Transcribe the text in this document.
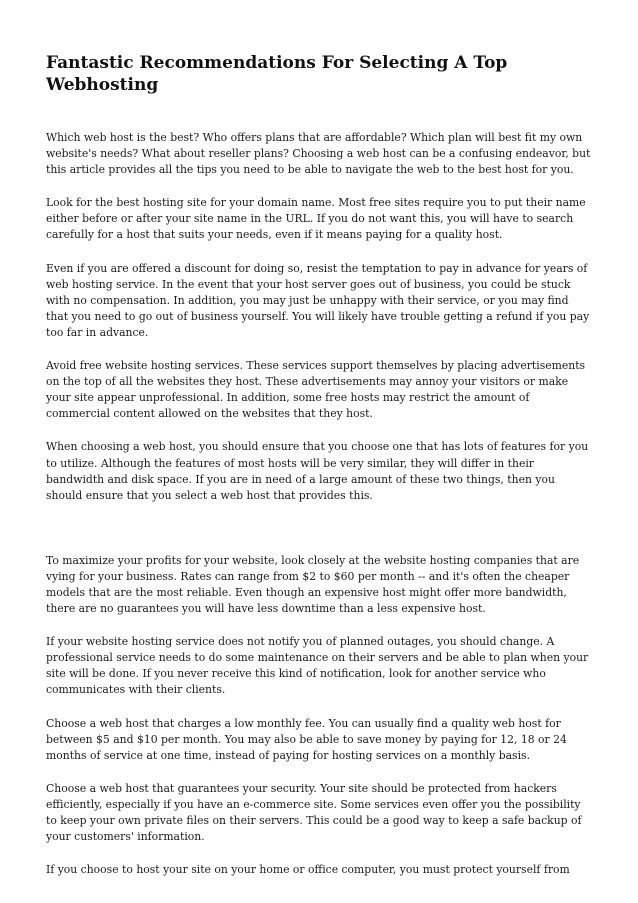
Fantastic Recommendations For Selecting A Top Webhosting

Which web host is the best? Who offers plans that are affordable? Which plan will best fit my own website's needs? What about reseller plans? Choosing a web host can be a confusing endeavor, but this article provides all the tips you need to be able to navigate the web to the best host for you.

Look for the best hosting site for your domain name. Most free sites require you to put their name either before or after your site name in the URL. If you do not want this, you will have to search carefully for a host that suits your needs, even if it means paying for a quality host.

Even if you are offered a discount for doing so, resist the temptation to pay in advance for years of web hosting service. In the event that your host server goes out of business, you could be stuck with no compensation. In addition, you may just be unhappy with their service, or you may find that you need to go out of business yourself. You will likely have trouble getting a refund if you pay too far in advance.

Avoid free website hosting services. These services support themselves by placing advertisements on the top of all the websites they host. These advertisements may annoy your visitors or make your site appear unprofessional. In addition, some free hosts may restrict the amount of commercial content allowed on the websites that they host.

When choosing a web host, you should ensure that you choose one that has lots of features for you to utilize. Although the features of most hosts will be very similar, they will differ in their bandwidth and disk space. If you are in need of a large amount of these two things, then you should ensure that you select a web host that provides this.

To maximize your profits for your website, look closely at the website hosting companies that are vying for your business. Rates can range from $2 to $60 per month -- and it's often the cheaper models that are the most reliable. Even though an expensive host might offer more bandwidth, there are no guarantees you will have less downtime than a less expensive host.

If your website hosting service does not notify you of planned outages, you should change. A professional service needs to do some maintenance on their servers and be able to plan when your site will be done. If you never receive this kind of notification, look for another service who communicates with their clients.

Choose a web host that charges a low monthly fee. You can usually find a quality web host for between $5 and $10 per month. You may also be able to save money by paying for 12, 18 or 24 months of service at one time, instead of paying for hosting services on a monthly basis.

Choose a web host that guarantees your security. Your site should be protected from hackers efficiently, especially if you have an e-commerce site. Some services even offer you the possibility to keep your own private files on their servers. This could be a good way to keep a safe backup of your customers' information.

If you choose to host your site on your home or office computer, you must protect yourself from
